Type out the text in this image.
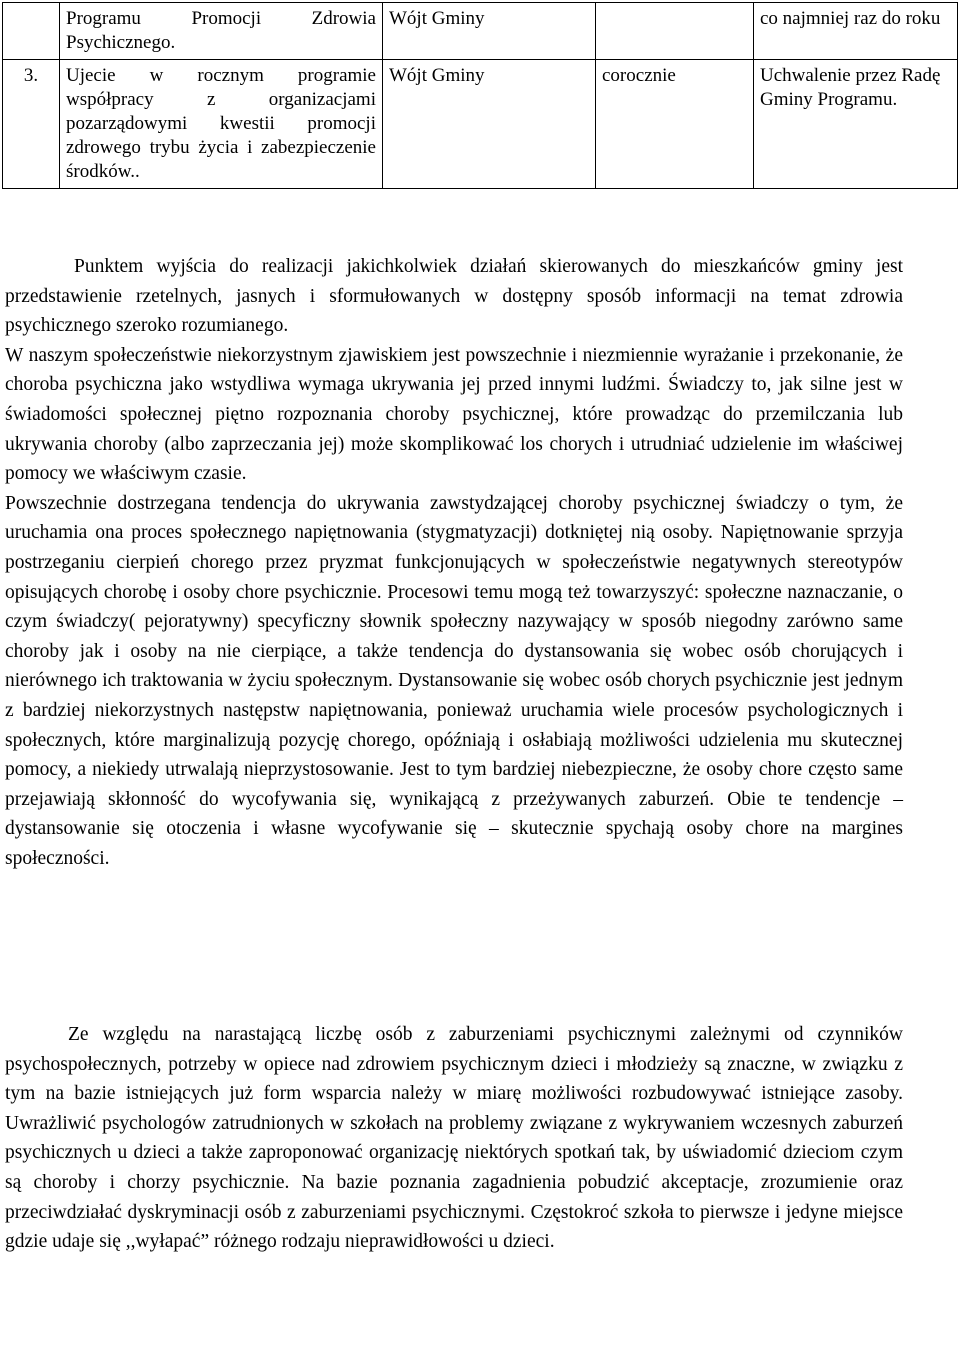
	Programu Promocji Zdrowia Psychicznego.	Wójt Gminy		co najmniej raz do roku
3.	Ujecie w rocznym programie współpracy z organizacjami pozarządowymi kwestii promocji zdrowego trybu życia i zabezpieczenie środków..	Wójt Gminy	corocznie	Uchwalenie przez Radę Gminy Programu.

Punktem wyjścia do realizacji jakichkolwiek działań skierowanych do mieszkańców gminy jest przedstawienie rzetelnych, jasnych i sformułowanych w dostępny sposób informacji na temat zdrowia psychicznego szeroko rozumianego.

W naszym społeczeństwie niekorzystnym zjawiskiem jest powszechnie i niezmiennie wyrażanie i przekonanie, że choroba psychiczna jako wstydliwa wymaga ukrywania jej przed innymi ludźmi. Świadczy to, jak silne jest w świadomości społecznej piętno rozpoznania choroby psychicznej, które prowadząc do przemilczania lub ukrywania choroby (albo zaprzeczania jej) może skomplikować los chorych i utrudniać udzielenie im właściwej pomocy we właściwym czasie.

Powszechnie dostrzegana tendencja do ukrywania zawstydzającej choroby psychicznej świadczy o tym, że uruchamia ona proces społecznego napiętnowania (stygmatyzacji) dotkniętej nią osoby. Napiętnowanie sprzyja postrzeganiu cierpień chorego przez pryzmat funkcjonujących w społeczeństwie negatywnych stereotypów opisujących chorobę i osoby chore psychicznie. Procesowi temu mogą też towarzyszyć: społeczne naznaczanie, o czym świadczy( pejoratywny) specyficzny słownik społeczny nazywający w sposób niegodny zarówno same choroby jak i osoby na nie cierpiące, a także tendencja do dystansowania się wobec osób chorujących i nierównego ich traktowania w życiu społecznym. Dystansowanie się wobec osób chorych psychicznie jest jednym z bardziej niekorzystnych następstw napiętnowania, ponieważ uruchamia wiele procesów psychologicznych i społecznych, które marginalizują pozycję chorego, opóźniają i osłabiają możliwości udzielenia mu skutecznej pomocy, a niekiedy utrwalają nieprzystosowanie. Jest to tym bardziej niebezpieczne, że osoby chore często same przejawiają skłonność do wycofywania się, wynikającą z przeżywanych zaburzeń. Obie te tendencje – dystansowanie się otoczenia i własne wycofywanie się – skutecznie spychają osoby chore na margines społeczności.

Ze względu na narastającą liczbę osób z zaburzeniami psychicznymi zależnymi od czynników psychospołecznych, potrzeby w opiece nad zdrowiem psychicznym dzieci i młodzieży są znaczne, w związku z tym na bazie istniejących już form wsparcia należy w miarę możliwości rozbudowywać istniejące zasoby. Uwrażliwić psychologów zatrudnionych w szkołach na problemy związane z wykrywaniem wczesnych zaburzeń psychicznych u dzieci a także zaproponować organizację niektórych spotkań tak, by uświadomić dzieciom czym są choroby i chorzy psychicznie. Na bazie poznania zagadnienia pobudzić akceptacje, zrozumienie oraz przeciwdziałać dyskryminacji osób z zaburzeniami psychicznymi. Częstokroć szkoła to pierwsze i jedyne miejsce gdzie udaje się ,,wyłapać” różnego rodzaju nieprawidłowości u dzieci.
